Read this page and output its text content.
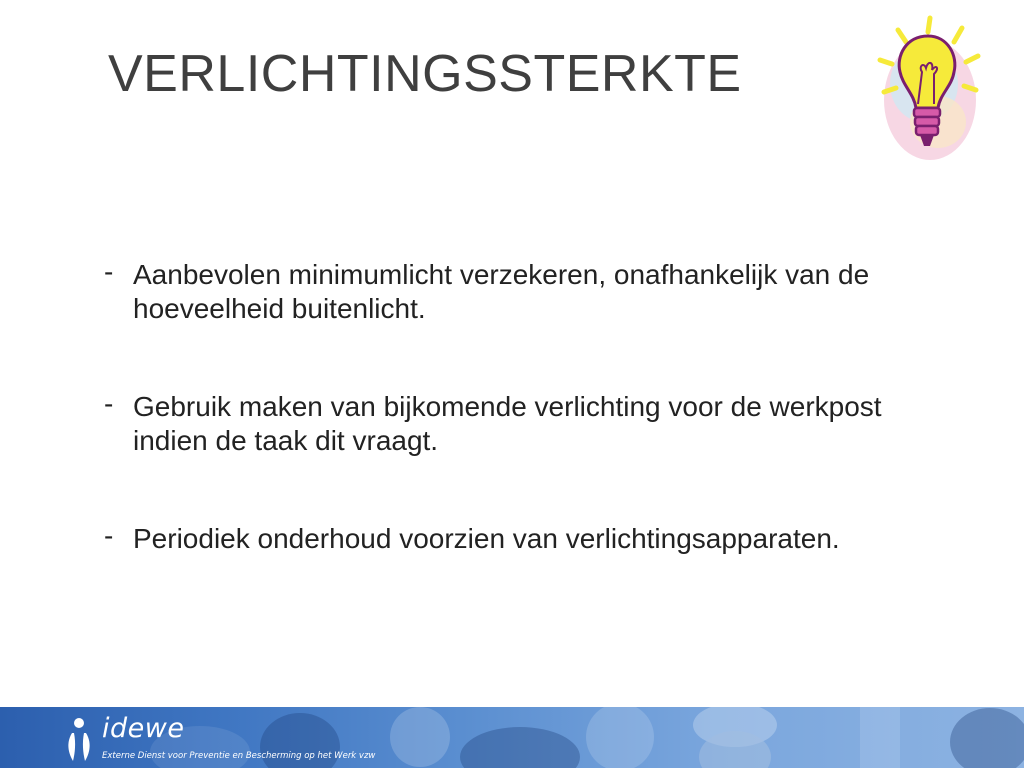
VERLICHTINGSSTERKTE
- Aanbevolen minimumlicht verzekeren, onafhankelijk van de hoeveelheid buitenlicht.
- Gebruik maken van bijkomende verlichting voor de werkpost indien de taak dit vraagt.
- Periodiek onderhoud voorzien van verlichtingsapparaten.
idewe
Externe Dienst voor Preventie en Bescherming op het Werk vzw
